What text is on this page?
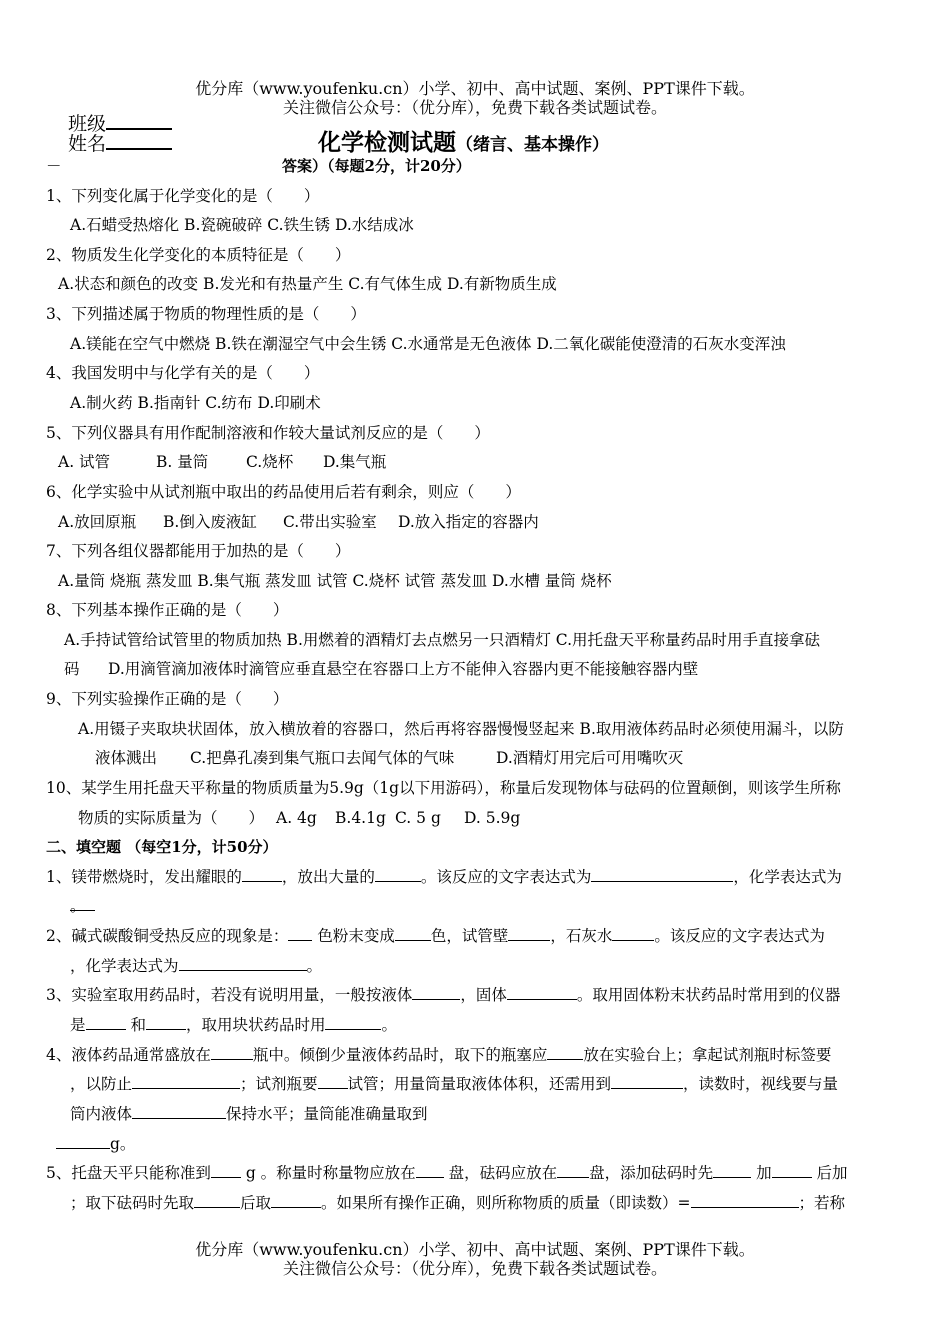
优分库（www.youfenku.cn）小学、初中、高中试题、案例、PPT课件下载。
关注微信公众号：（优分库），免费下载各类试题试卷。
班级
姓名	化学检测试题（绪言、基本操作）
－	答案）（每题2分，计20分）
1、下列变化属于化学变化的是（　　）
A.石蜡受热熔化 B.瓷碗破碎 C.铁生锈 D.水结成冰
2、物质发生化学变化的本质特征是（　　）
A.状态和颜色的改变 B.发光和有热量产生 C.有气体生成 D.有新物质生成
3、下列描述属于物质的物理性质的是（　　）
A.镁能在空气中燃烧 B.铁在潮湿空气中会生锈 C.水通常是无色液体 D.二氧化碳能使澄清的石灰水变浑浊
4、我国发明中与化学有关的是（　　）
A.制火药 B.指南针 C.纺布 D.印刷术
5、下列仪器具有用作配制溶液和作较大量试剂反应的是（　　）
A. 试管	B. 量筒 C.烧杯 D.集气瓶
6、化学实验中从试剂瓶中取出的药品使用后若有剩余，则应（　　）
A.放回原瓶 B.倒入废液缸 C.带出实验室 D.放入指定的容器内
7、下列各组仪器都能用于加热的是（　　）
A.量筒 烧瓶 蒸发皿 B.集气瓶 蒸发皿 试管 C.烧杯 试管 蒸发皿 D.水槽 量筒 烧杯
8、下列基本操作正确的是（　　）
A.手持试管给试管里的物质加热 B.用燃着的酒精灯去点燃另一只酒精灯 C.用托盘天平称量药品时用手直接拿砝
码 D.用滴管滴加液体时滴管应垂直悬空在容器口上方不能伸入容器内更不能接触容器内壁
9、下列实验操作正确的是（　　）
A.用镊子夹取块状固体，放入横放着的容器口，然后再将容器慢慢竖起来 B.取用液体药品时必须使用漏斗，以防
液体溅出 C.把鼻孔凑到集气瓶口去闻气体的气味	D.酒精灯用完后可用嘴吹灭
10、某学生用托盘天平称量的物质质量为5.9g（1g以下用游码），称量后发现物体与砝码的位置颠倒，则该学生所称
物质的实际质量为（　　） A. 4g B.4.1g C. 5 g D. 5.9g
二、填空题 （每空1分，计50分）
1、镁带燃烧时，发出耀眼的	，放出大量的	。该反应的文字表达式为	，化学表达式为
。
2、碱式碳酸铜受热反应的现象是： 色粉末变成 色，试管壁	，石灰水	。该反应的文字表达式为
，化学表达式为	。
3、实验室取用药品时，若没有说明用量，一般按液体	，固体	。取用固体粉末状药品时常用到的仪器
是	和	，取用块状药品时用	。
4、液体药品通常盛放在	瓶中。倾倒少量液体药品时，取下的瓶塞应 放在实验台上；拿起试剂瓶时标签要
，以防止	；试剂瓶要 试管；用量筒量取液体体积，还需用到	，读数时，视线要与量
筒内液体	保持水平；量筒能准确量取到
g。
5、托盘天平只能称准到 g 。称量时称量物应放在 盘，砝码应放在 盘，添加砝码时先	加	后加
；取下砝码时先取	后取	。如果所有操作正确，则所称物质的质量（即读数）=	；若称
优分库（www.youfenku.cn）小学、初中、高中试题、案例、PPT课件下载。
关注微信公众号：（优分库），免费下载各类试题试卷。
